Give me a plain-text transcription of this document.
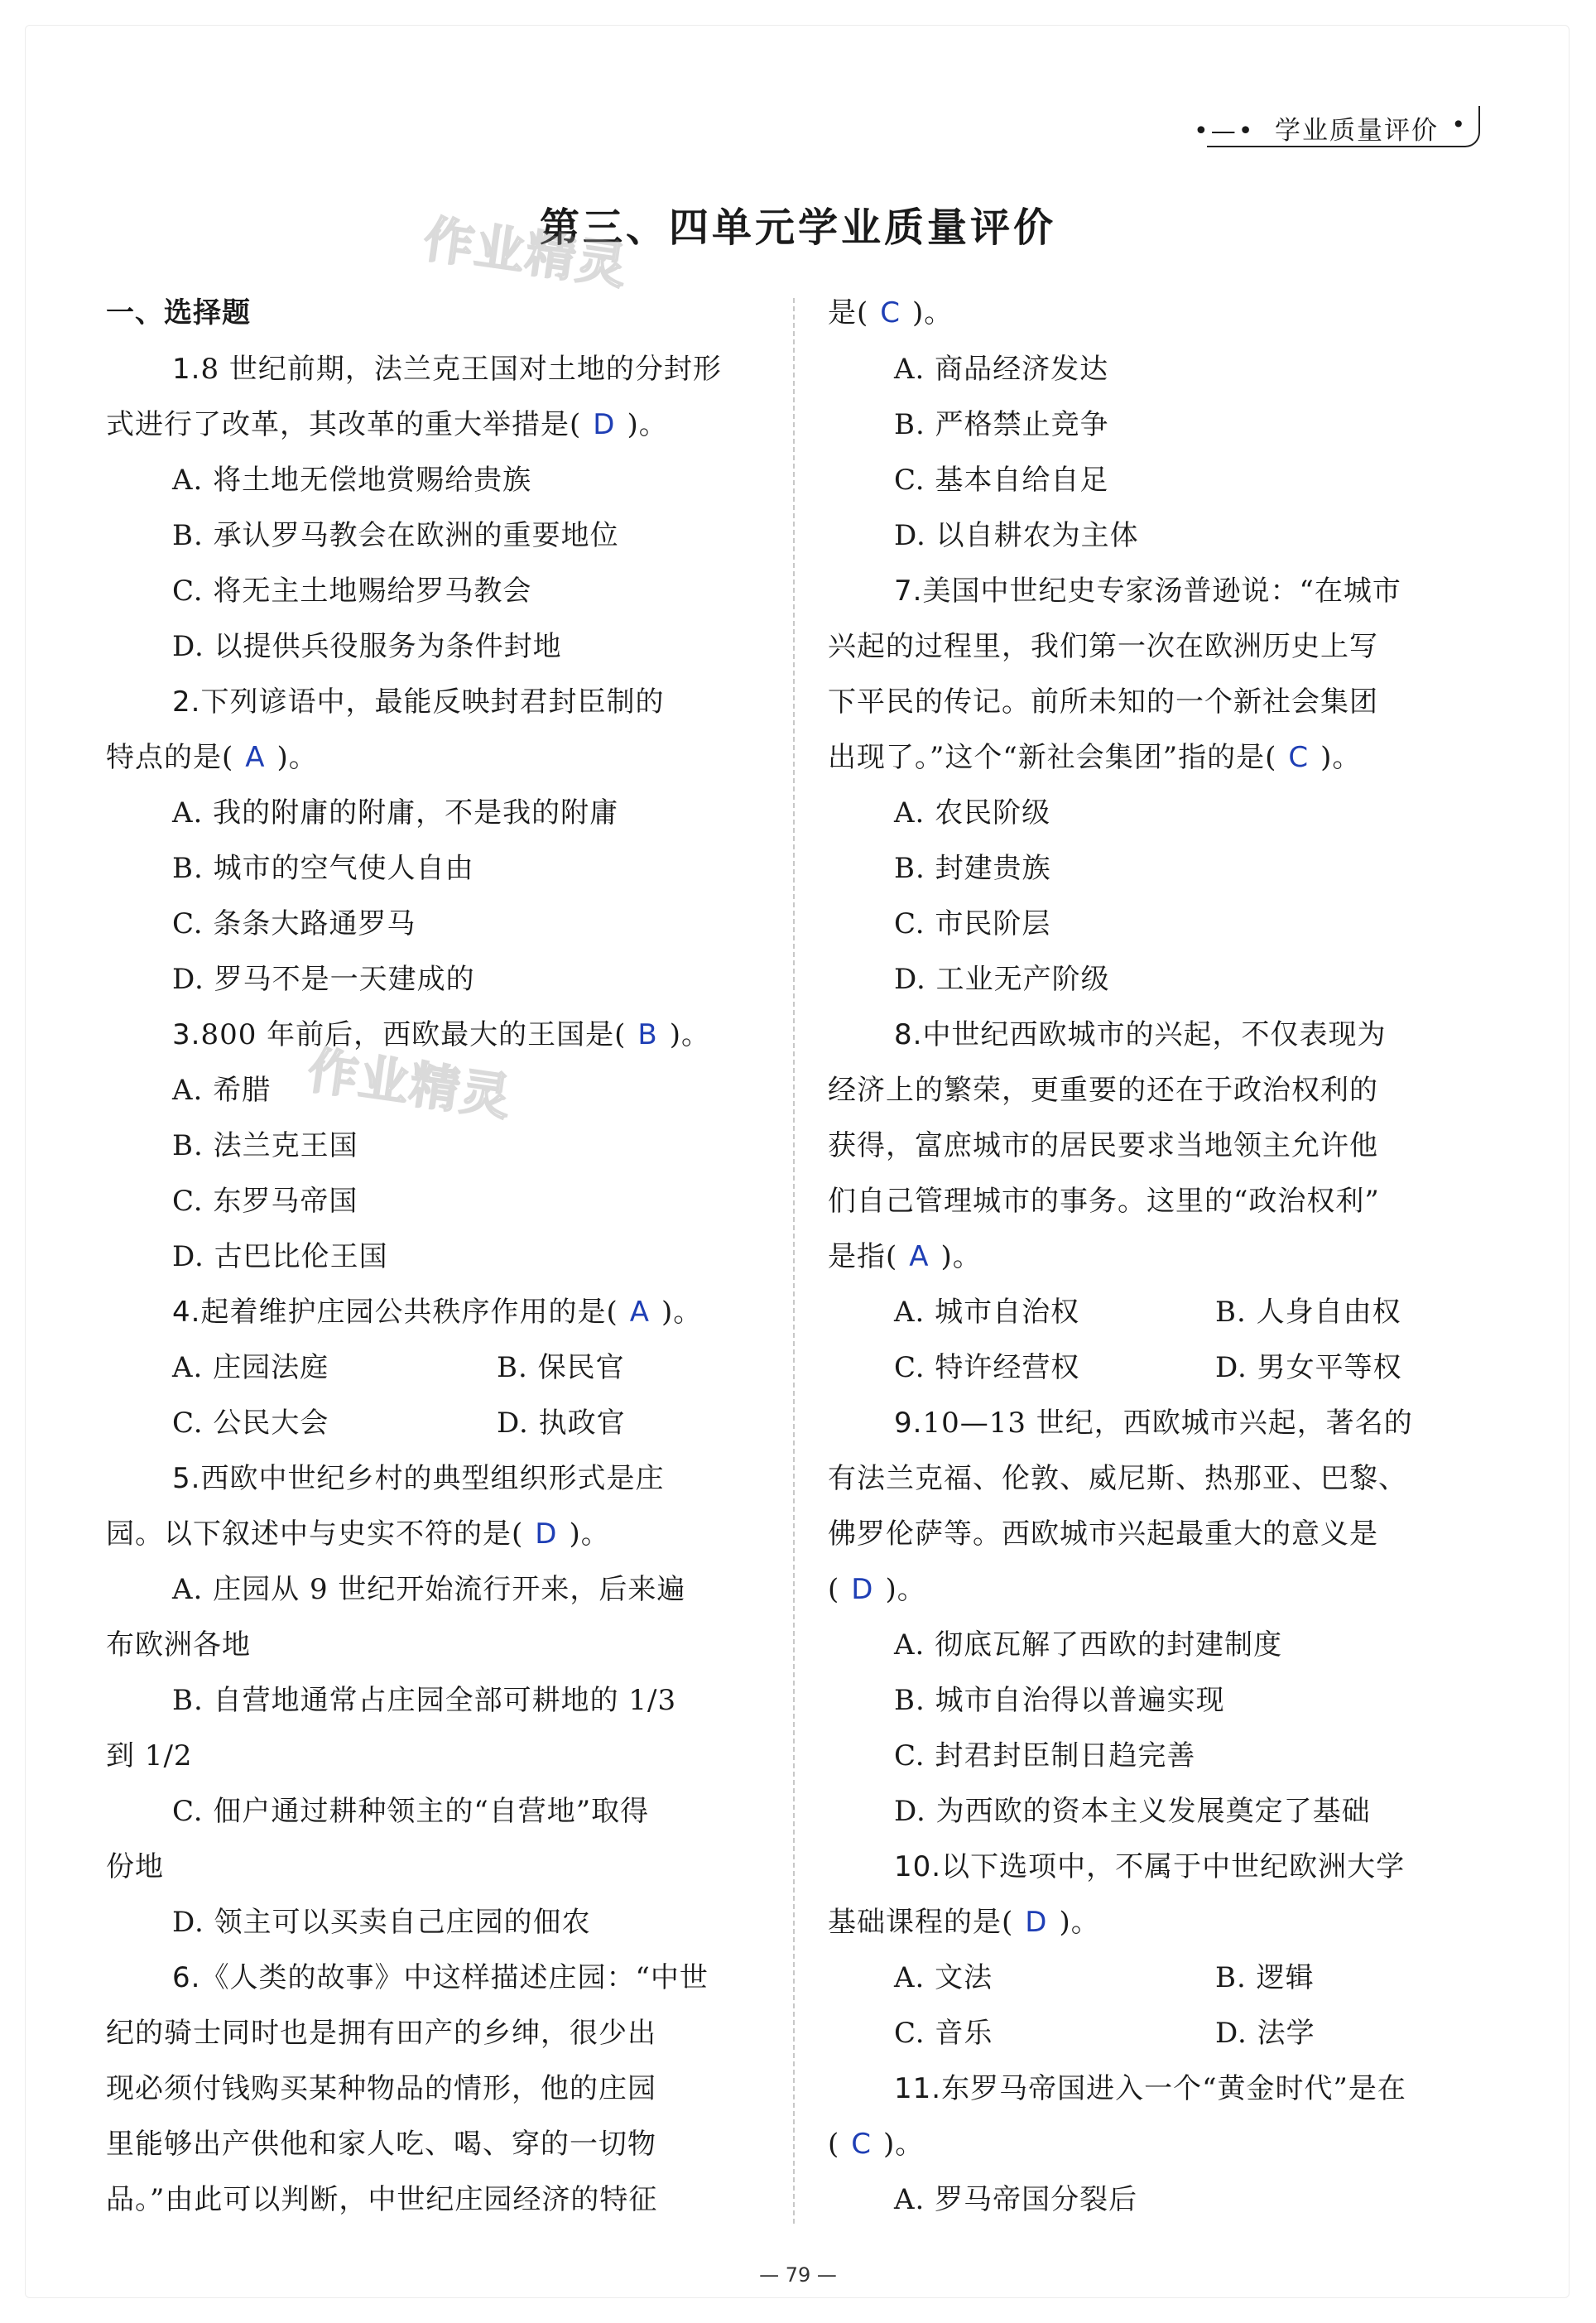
•—• 学业质量评价 •
第三、四单元学业质量评价
作业精灵
作业精灵
一、选择题
1.8 世纪前期，法兰克王国对土地的分封形
式进行了改革，其改革的重大举措是( D )。
A. 将土地无偿地赏赐给贵族
B. 承认罗马教会在欧洲的重要地位
C. 将无主土地赐给罗马教会
D. 以提供兵役服务为条件封地
2.下列谚语中，最能反映封君封臣制的
特点的是( A )。
A. 我的附庸的附庸，不是我的附庸
B. 城市的空气使人自由
C. 条条大路通罗马
D. 罗马不是一天建成的
3.800 年前后，西欧最大的王国是( B )。
A. 希腊
B. 法兰克王国
C. 东罗马帝国
D. 古巴比伦王国
4.起着维护庄园公共秩序作用的是( A )。
A. 庄园法庭	B. 保民官
C. 公民大会	D. 执政官
5.西欧中世纪乡村的典型组织形式是庄
园。以下叙述中与史实不符的是( D )。
A. 庄园从 9 世纪开始流行开来，后来遍
布欧洲各地
B. 自营地通常占庄园全部可耕地的 1/3
到 1/2
C. 佃户通过耕种领主的“自营地”取得
份地
D. 领主可以买卖自己庄园的佃农
6.《人类的故事》中这样描述庄园：“中世
纪的骑士同时也是拥有田产的乡绅，很少出
现必须付钱购买某种物品的情形，他的庄园
里能够出产供他和家人吃、喝、穿的一切物
品。”由此可以判断，中世纪庄园经济的特征
是( C )。
A. 商品经济发达
B. 严格禁止竞争
C. 基本自给自足
D. 以自耕农为主体
7.美国中世纪史专家汤普逊说：“在城市
兴起的过程里，我们第一次在欧洲历史上写
下平民的传记。前所未知的一个新社会集团
出现了。”这个“新社会集团”指的是( C )。
A. 农民阶级
B. 封建贵族
C. 市民阶层
D. 工业无产阶级
8.中世纪西欧城市的兴起，不仅表现为
经济上的繁荣，更重要的还在于政治权利的
获得，富庶城市的居民要求当地领主允许他
们自己管理城市的事务。这里的“政治权利”
是指( A )。
A. 城市自治权	B. 人身自由权
C. 特许经营权	D. 男女平等权
9.10—13 世纪，西欧城市兴起，著名的
有法兰克福、伦敦、威尼斯、热那亚、巴黎、
佛罗伦萨等。西欧城市兴起最重大的意义是
( D )。
A. 彻底瓦解了西欧的封建制度
B. 城市自治得以普遍实现
C. 封君封臣制日趋完善
D. 为西欧的资本主义发展奠定了基础
10.以下选项中，不属于中世纪欧洲大学
基础课程的是( D )。
A. 文法	B. 逻辑
C. 音乐	D. 法学
11.东罗马帝国进入一个“黄金时代”是在
( C )。
A. 罗马帝国分裂后
— 79 —
